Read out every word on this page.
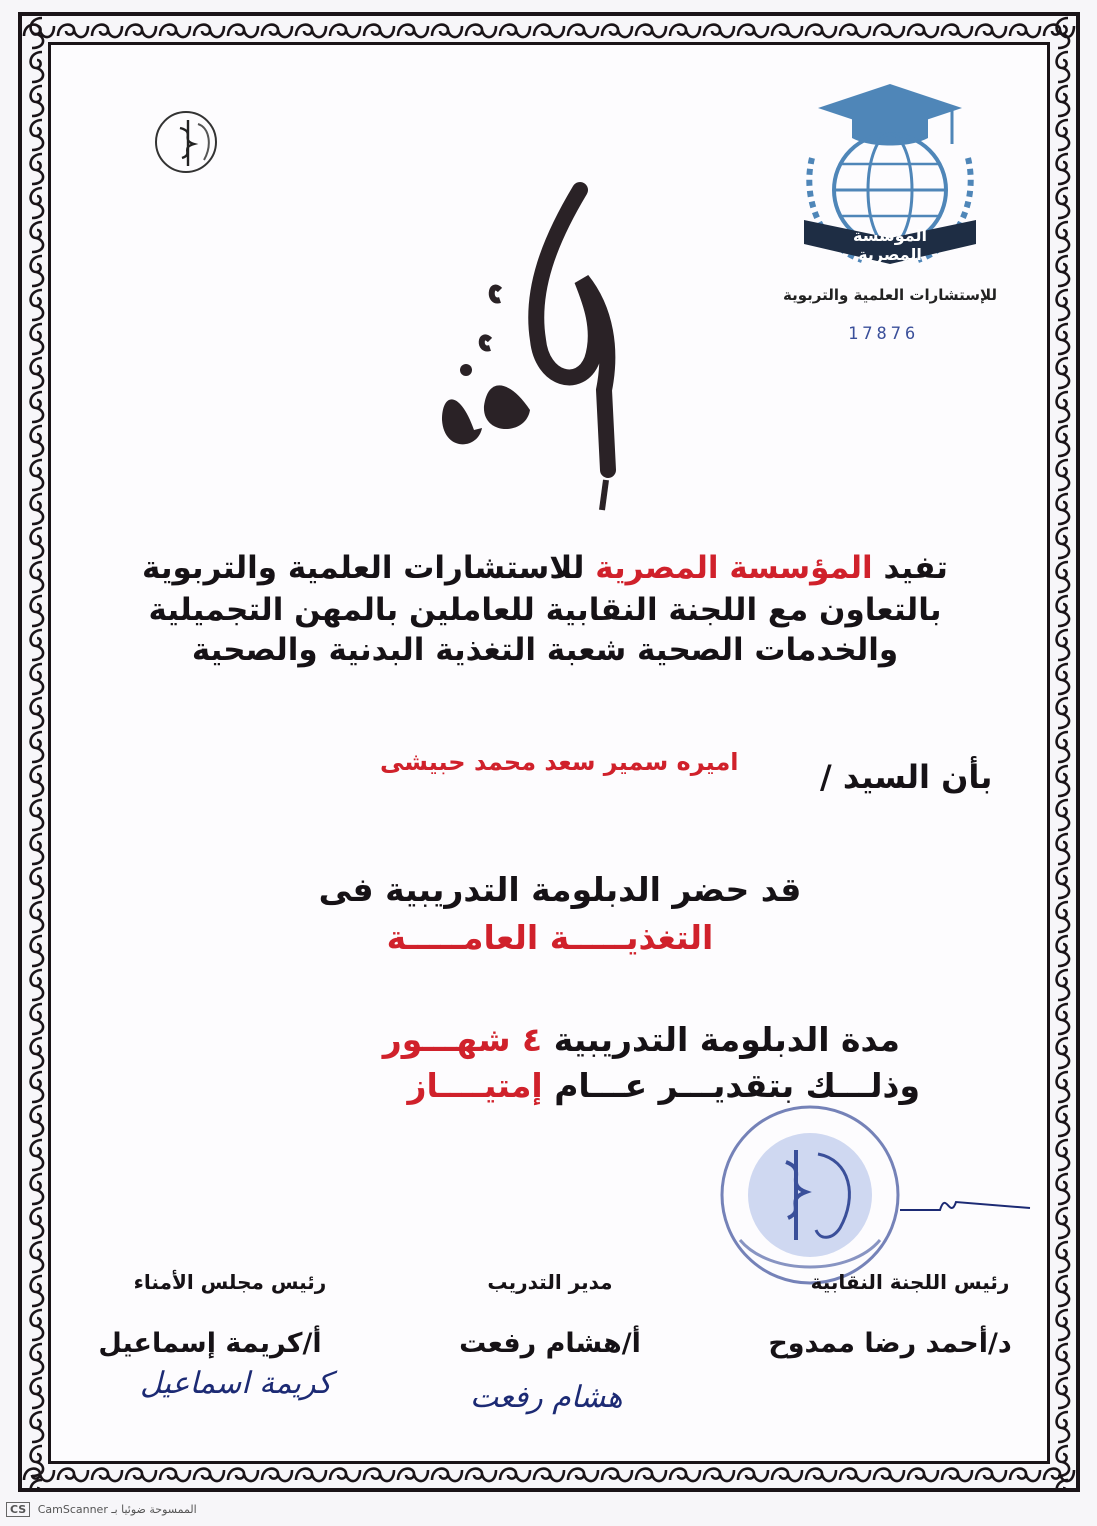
المؤسسة المصرية
للإستشارات العلمية والتربوية
17876
تفيد المؤسسة المصرية للاستشارات العلمية والتربوية
بالتعاون مع اللجنة النقابية للعاملين بالمهن التجميلية
والخدمات الصحية شعبة التغذية البدنية والصحية
بأن السيد /
اميره سمير سعد محمد حبيشى
قد حضر الدبلومة التدريبية فى
التغذيـــــة العامـــــة
مدة الدبلومة التدريبية ٤ شهـــور
وذلـــك بتقديـــر عـــام إمتيــــاز
رئيس اللجنة النقابية
د/أحمد رضا ممدوح
مدير التدريب
أ/هشام رفعت
هشام رفعت
رئيس مجلس الأمناء
أ/كريمة إسماعيل
كريمة اسماعيل
CS CamScanner الممسوحة ضوئيا بـ
